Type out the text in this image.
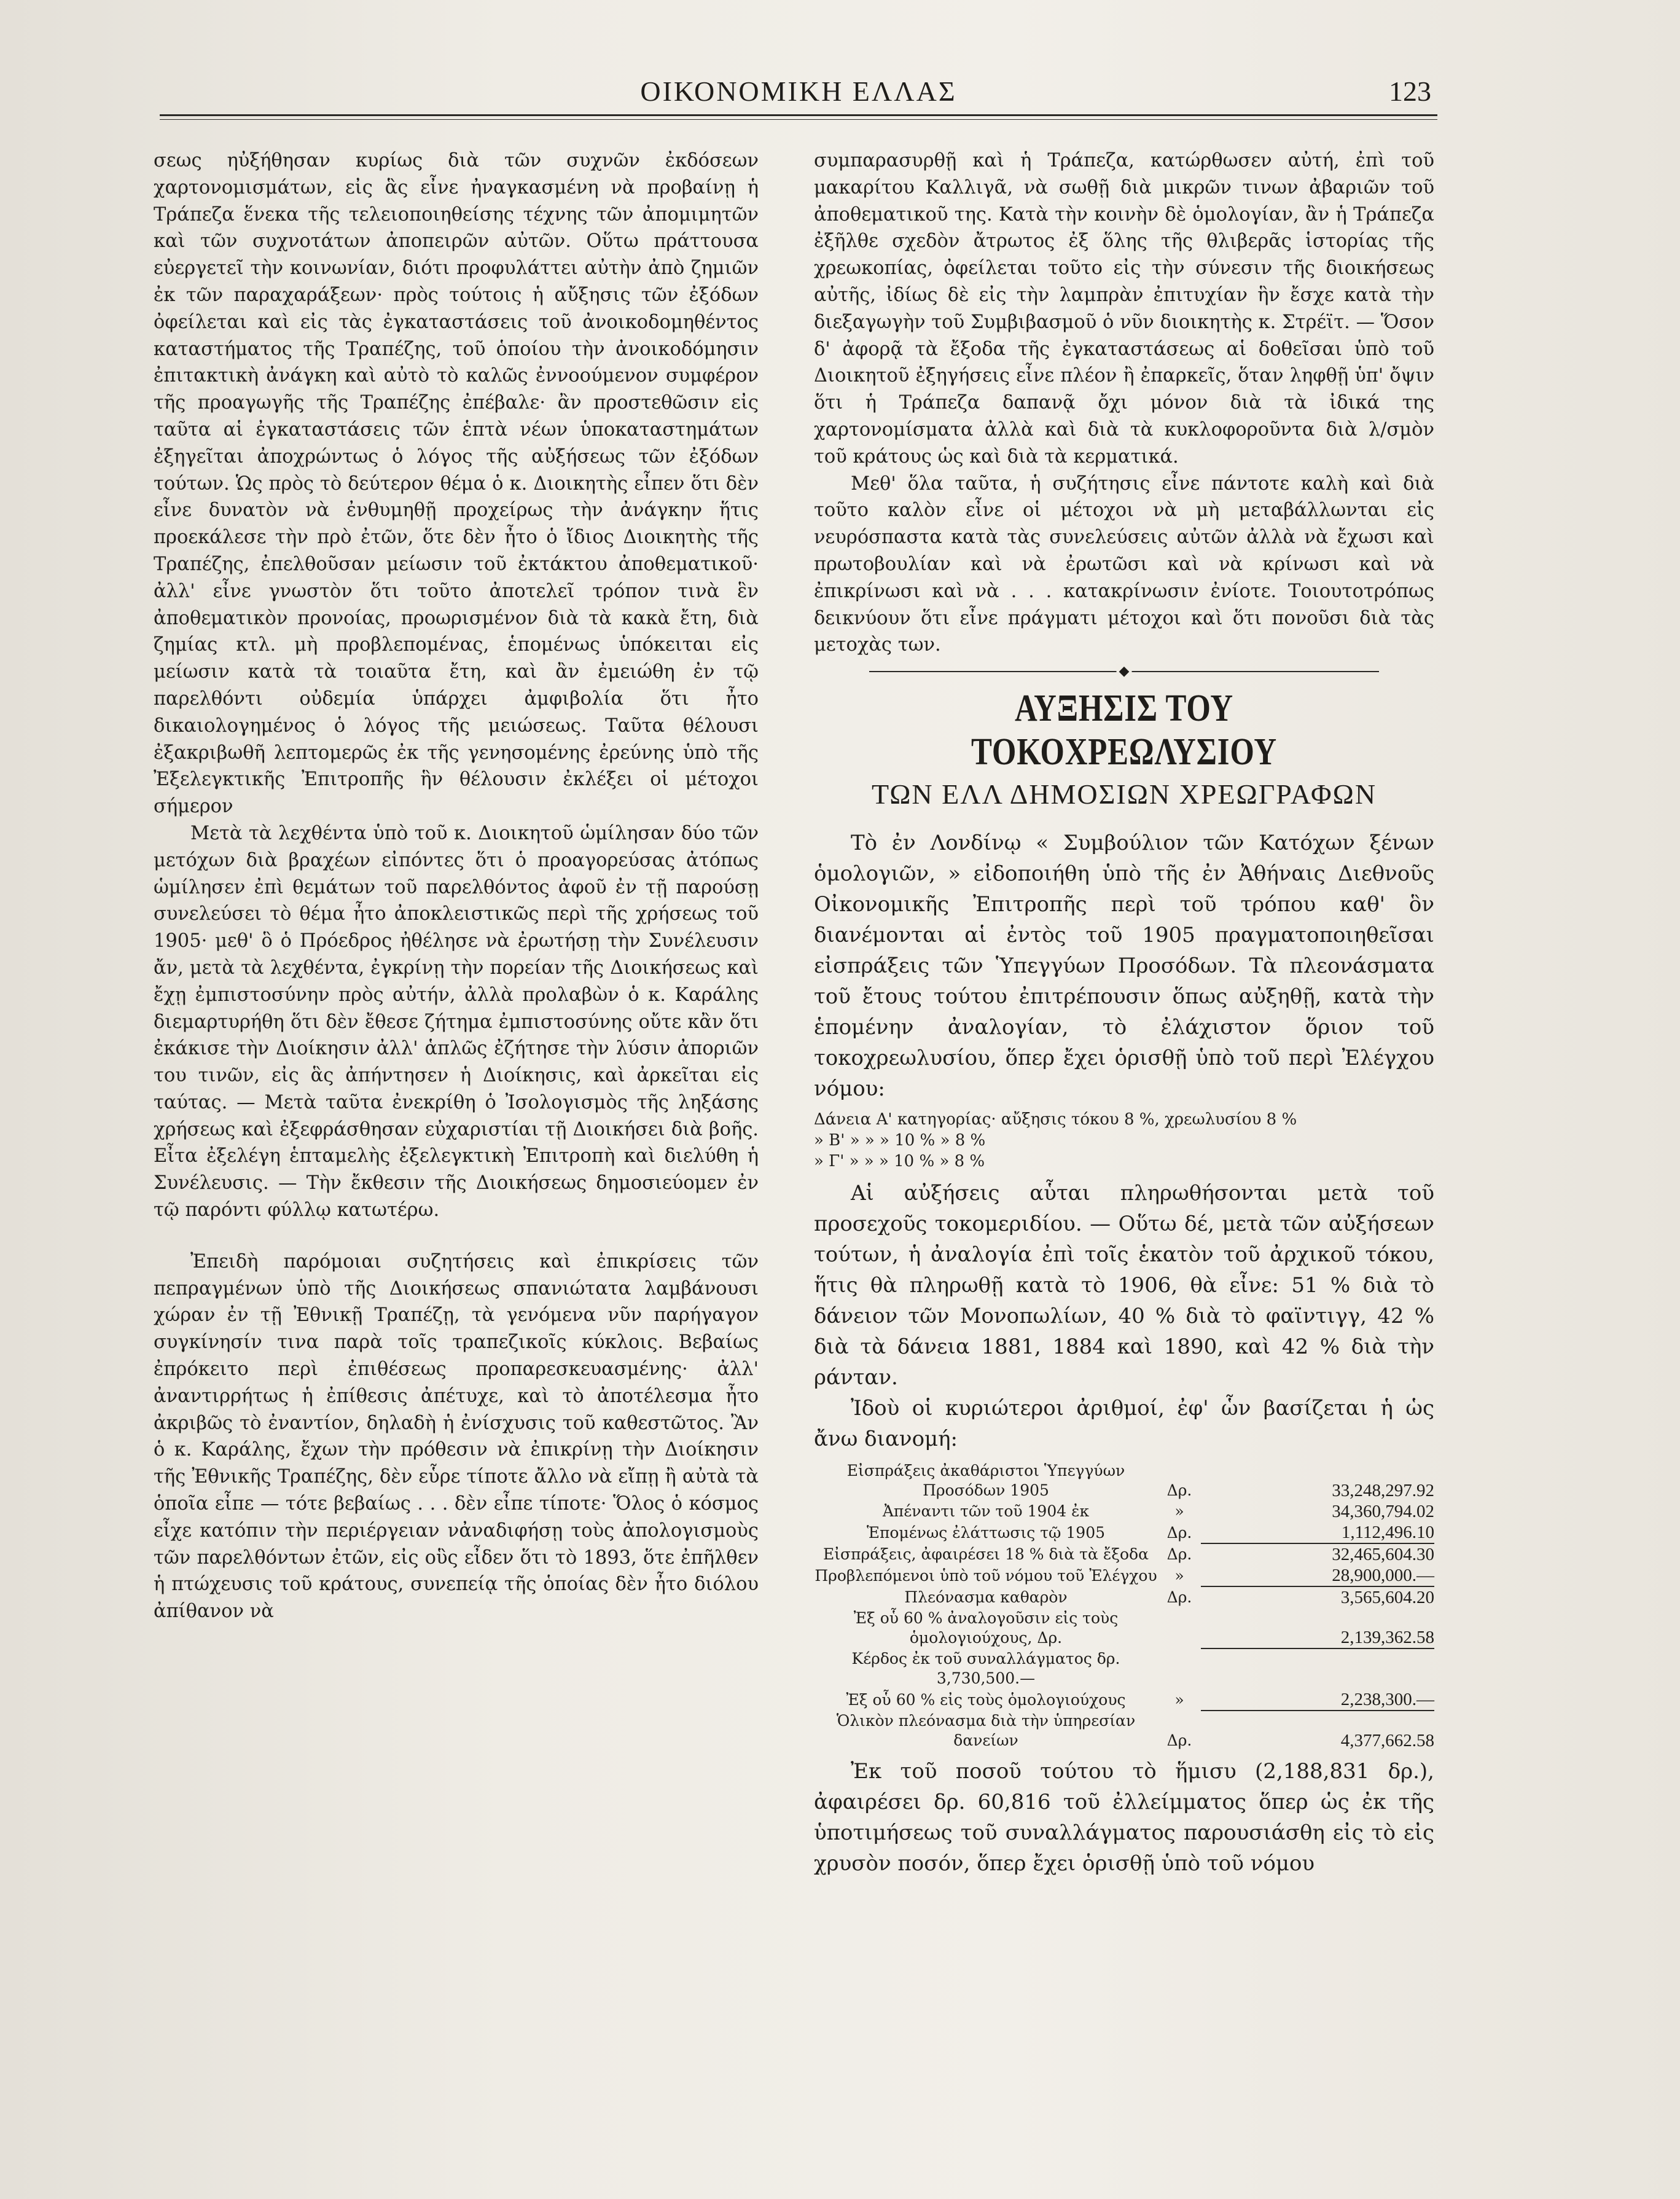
ΟΙΚΟΝΟΜΙΚΗ ΕΛΛΑΣ	123

σεως ηὐξήθησαν κυρίως διὰ τῶν συχνῶν ἐκδόσεων χαρτονομισμάτων, εἰς ἃς εἶνε ἠναγκασμένη νὰ προβαίνῃ ἡ Τράπεζα ἕνεκα τῆς τελειοποιηθείσης τέχνης τῶν ἀπομιμητῶν καὶ τῶν συχνοτάτων ἀποπειρῶν αὐτῶν. Οὕτω πράττουσα εὐεργετεῖ τὴν κοινωνίαν, διότι προφυλάττει αὐτὴν ἀπὸ ζημιῶν ἐκ τῶν παραχαράξεων· πρὸς τούτοις ἡ αὔξησις τῶν ἐξόδων ὀφείλεται καὶ εἰς τὰς ἐγκαταστάσεις τοῦ ἀνοικοδομηθέντος καταστήματος τῆς Τραπέζης, τοῦ ὁποίου τὴν ἀνοικοδόμησιν ἐπιτακτικὴ ἀνάγκη καὶ αὐτὸ τὸ καλῶς ἐννοούμενον συμφέρον τῆς προαγωγῆς τῆς Τραπέζης ἐπέβαλε· ἂν προστεθῶσιν εἰς ταῦτα αἱ ἐγκαταστάσεις τῶν ἑπτὰ νέων ὑποκαταστημάτων ἐξηγεῖται ἀποχρώντως ὁ λόγος τῆς αὐξήσεως τῶν ἐξόδων τούτων. Ὡς πρὸς τὸ δεύτερον θέμα ὁ κ. Διοικητὴς εἶπεν ὅτι δὲν εἶνε δυνατὸν νὰ ἐνθυμηθῇ προχείρως τὴν ἀνάγκην ἥτις προεκάλεσε τὴν πρὸ ἐτῶν, ὅτε δὲν ἦτο ὁ ἴδιος Διοικητὴς τῆς Τραπέζης, ἐπελθοῦσαν μείωσιν τοῦ ἐκτάκτου ἀποθεματικοῦ· ἀλλ' εἶνε γνωστὸν ὅτι τοῦτο ἀποτελεῖ τρόπον τινὰ ἓν ἀποθεματικὸν προνοίας, προωρισμένον διὰ τὰ κακὰ ἔτη, διὰ ζημίας κτλ. μὴ προβλεπομένας, ἑπομένως ὑπόκειται εἰς μείωσιν κατὰ τὰ τοιαῦτα ἔτη, καὶ ἂν ἐμειώθη ἐν τῷ παρελθόντι οὐδεμία ὑπάρχει ἀμφιβολία ὅτι ἦτο δικαιολογημένος ὁ λόγος τῆς μειώσεως. Ταῦτα θέλουσι ἐξακριβωθῆ λεπτομερῶς ἐκ τῆς γενησομένης ἐρεύνης ὑπὸ τῆς Ἐξελεγκτικῆς Ἐπιτροπῆς ἣν θέλουσιν ἐκλέξει οἱ μέτοχοι σήμερον

Μετὰ τὰ λεχθέντα ὑπὸ τοῦ κ. Διοικητοῦ ὡμίλησαν δύο τῶν μετόχων διὰ βραχέων εἰπόντες ὅτι ὁ προαγορεύσας ἀτόπως ὡμίλησεν ἐπὶ θεμάτων τοῦ παρελθόντος ἀφοῦ ἐν τῇ παρούσῃ συνελεύσει τὸ θέμα ἦτο ἀποκλειστικῶς περὶ τῆς χρήσεως τοῦ 1905· μεθ' ὃ ὁ Πρόεδρος ἠθέλησε νὰ ἐρωτήσῃ τὴν Συνέλευσιν ἄν, μετὰ τὰ λεχθέντα, ἐγκρίνῃ τὴν πορείαν τῆς Διοικήσεως καὶ ἔχῃ ἐμπιστοσύνην πρὸς αὐτήν, ἀλλὰ προλαβὼν ὁ κ. Καράλης διεμαρτυρήθη ὅτι δὲν ἔθεσε ζήτημα ἐμπιστοσύνης οὔτε κἂν ὅτι ἐκάκισε τὴν Διοίκησιν ἀλλ' ἁπλῶς ἐζήτησε τὴν λύσιν ἀποριῶν του τινῶν, εἰς ἃς ἀπήντησεν ἡ Διοίκησις, καὶ ἀρκεῖται εἰς ταύτας. — Μετὰ ταῦτα ἐνεκρίθη ὁ Ἰσολογισμὸς τῆς ληξάσης χρήσεως καὶ ἐξεφράσθησαν εὐχαριστίαι τῇ Διοικήσει διὰ βοῆς. Εἶτα ἐξελέγη ἑπταμελὴς ἐξελεγκτικὴ Ἐπιτροπὴ καὶ διελύθη ἡ Συνέλευσις. — Τὴν ἔκθεσιν τῆς Διοικήσεως δημοσιεύομεν ἐν τῷ παρόντι φύλλῳ κατωτέρω.

Ἐπειδὴ παρόμοιαι συζητήσεις καὶ ἐπικρίσεις τῶν πεπραγμένων ὑπὸ τῆς Διοικήσεως σπανιώτατα λαμβάνουσι χώραν ἐν τῇ Ἐθνικῇ Τραπέζῃ, τὰ γενόμενα νῦν παρήγαγον συγκίνησίν τινα παρὰ τοῖς τραπεζικοῖς κύκλοις. Βεβαίως ἐπρόκειτο περὶ ἐπιθέσεως προπαρεσκευασμένης· ἀλλ' ἀναντιρρήτως ἡ ἐπίθεσις ἀπέτυχε, καὶ τὸ ἀποτέλεσμα ἦτο ἀκριβῶς τὸ ἐναντίον, δηλαδὴ ἡ ἐνίσχυσις τοῦ καθεστῶτος. Ἂν ὁ κ. Καράλης, ἔχων τὴν πρόθεσιν νὰ ἐπικρίνῃ τὴν Διοίκησιν τῆς Ἐθνικῆς Τραπέζης, δὲν εὗρε τίποτε ἄλλο νὰ εἴπῃ ἢ αὐτὰ τὰ ὁποῖα εἶπε — τότε βεβαίως . . . δὲν εἶπε τίποτε· Ὅλος ὁ κόσμος εἶχε κατόπιν τὴν περιέργειαν νἀναδιφήσῃ τοὺς ἀπολογισμοὺς τῶν παρελθόντων ἐτῶν, εἰς οὓς εἶδεν ὅτι τὸ 1893, ὅτε ἐπῆλθεν ἡ πτώχευσις τοῦ κράτους, συνεπείᾳ τῆς ὁποίας δὲν ἦτο διόλου ἀπίθανον νὰ

συμπαρασυρθῇ καὶ ἡ Τράπεζα, κατώρθωσεν αὐτή, ἐπὶ τοῦ μακαρίτου Καλλιγᾶ, νὰ σωθῇ διὰ μικρῶν τινων ἀβαριῶν τοῦ ἀποθεματικοῦ της. Κατὰ τὴν κοινὴν δὲ ὁμολογίαν, ἂν ἡ Τράπεζα ἐξῆλθε σχεδὸν ἄτρωτος ἐξ ὅλης τῆς θλιβερᾶς ἱστορίας τῆς χρεωκοπίας, ὀφείλεται τοῦτο εἰς τὴν σύνεσιν τῆς διοικήσεως αὐτῆς, ἰδίως δὲ εἰς τὴν λαμπρὰν ἐπιτυχίαν ἣν ἔσχε κατὰ τὴν διεξαγωγὴν τοῦ Συμβιβασμοῦ ὁ νῦν διοικητὴς κ. Στρέϊτ. — Ὅσον δ' ἀφορᾷ τὰ ἔξοδα τῆς ἐγκαταστάσεως αἱ δοθεῖσαι ὑπὸ τοῦ Διοικητοῦ ἐξηγήσεις εἶνε πλέον ἢ ἐπαρκεῖς, ὅταν ληφθῇ ὑπ' ὄψιν ὅτι ἡ Τράπεζα δαπανᾷ ὄχι μόνον διὰ τὰ ἰδικά της χαρτονομίσματα ἀλλὰ καὶ διὰ τὰ κυκλοφοροῦντα διὰ λ/σμὸν τοῦ κράτους ὡς καὶ διὰ τὰ κερματικά.

Μεθ' ὅλα ταῦτα, ἡ συζήτησις εἶνε πάντοτε καλὴ καὶ διὰ τοῦτο καλὸν εἶνε οἱ μέτοχοι νὰ μὴ μεταβάλλωνται εἰς νευρόσπαστα κατὰ τὰς συνελεύσεις αὐτῶν ἀλλὰ νὰ ἔχωσι καὶ πρωτοβουλίαν καὶ νὰ ἐρωτῶσι καὶ νὰ κρίνωσι καὶ νὰ ἐπικρίνωσι καὶ νὰ . . . κατακρίνωσιν ἐνίοτε. Τοιουτοτρόπως δεικνύουν ὅτι εἶνε πράγματι μέτοχοι καὶ ὅτι πονοῦσι διὰ τὰς μετοχὰς των.

◆
ΑΥΞΗΣΙΣ ΤΟΥ ΤΟΚΟΧΡΕΩΛΥΣΙΟΥ
ΤΩΝ ΕΛΛ ΔΗΜΟΣΙΩΝ ΧΡΕΩΓΡΑΦΩΝ

Τὸ ἐν Λονδίνῳ « Συμβούλιον τῶν Κατόχων ξένων ὁμολογιῶν, » εἰδοποιήθη ὑπὸ τῆς ἐν Ἀθήναις Διεθνοῦς Οἰκονομικῆς Ἐπιτροπῆς περὶ τοῦ τρόπου καθ' ὃν διανέμονται αἱ ἐντὸς τοῦ 1905 πραγματοποιηθεῖσαι εἰσπράξεις τῶν Ὑπεγγύων Προσόδων. Τὰ πλεονάσματα τοῦ ἔτους τούτου ἐπιτρέπουσιν ὅπως αὐξηθῇ, κατὰ τὴν ἑπομένην ἀναλογίαν, τὸ ἐλάχιστον ὅριον τοῦ τοκοχρεωλυσίου, ὅπερ ἔχει ὁρισθῇ ὑπὸ τοῦ περὶ Ἐλέγχου νόμου:

Δάνεια Α' κατηγορίας· αὔξησις τόκου 8 %, χρεωλυσίου 8 %
» Β' » » » 10 % » 8 %
» Γ' » » » 10 % » 8 %

Αἱ αὐξήσεις αὗται πληρωθήσονται μετὰ τοῦ προσεχοῦς τοκομεριδίου. — Οὕτω δέ, μετὰ τῶν αὐξήσεων τούτων, ἡ ἀναλογία ἐπὶ τοῖς ἑκατὸν τοῦ ἀρχικοῦ τόκου, ἥτις θὰ πληρωθῇ κατὰ τὸ 1906, θὰ εἶνε: 51 % διὰ τὸ δάνειον τῶν Μονοπωλίων, 40 % διὰ τὸ φαϊντιγγ, 42 % διὰ τὰ δάνεια 1881, 1884 καὶ 1890, καὶ 42 % διὰ τὴν ράνταν.

Ἰδοὺ οἱ κυριώτεροι ἀριθμοί, ἐφ' ὧν βασίζεται ἡ ὡς ἄνω διανομή:

Εἰσπράξεις ἀκαθάριστοι Ὑπεγγύων Προσόδων 1905	Δρ.	33,248,297.92
Ἀπέναντι τῶν τοῦ 1904 ἐκ	»	34,360,794.02
Ἑπομένως ἐλάττωσις τῷ 1905	Δρ.	1,112,496.10
Εἰσπράξεις, ἀφαιρέσει 18 % διὰ τὰ ἔξοδα	Δρ.	32,465,604.30
Προβλεπόμενοι ὑπὸ τοῦ νόμου τοῦ Ἐλέγχου	»	28,900,000.—
Πλεόνασμα καθαρὸν	Δρ.	3,565,604.20
Ἐξ οὗ 60 % ἀναλογοῦσιν εἰς τοὺς ὁμολογιούχους, Δρ.		2,139,362.58
Κέρδος ἐκ τοῦ συναλλάγματος δρ. 3,730,500.—		
Ἐξ οὗ 60 % εἰς τοὺς ὁμολογιούχους	»	2,238,300.—
Ὁλικὸν πλεόνασμα διὰ τὴν ὑπηρεσίαν δανείων	Δρ.	4,377,662.58

Ἐκ τοῦ ποσοῦ τούτου τὸ ἥμισυ (2,188,831 δρ.), ἀφαιρέσει δρ. 60,816 τοῦ ἐλλείμματος ὅπερ ὡς ἐκ τῆς ὑποτιμήσεως τοῦ συναλλάγματος παρουσιάσθη εἰς τὸ εἰς χρυσὸν ποσόν, ὅπερ ἔχει ὁρισθῇ ὑπὸ τοῦ νόμου
